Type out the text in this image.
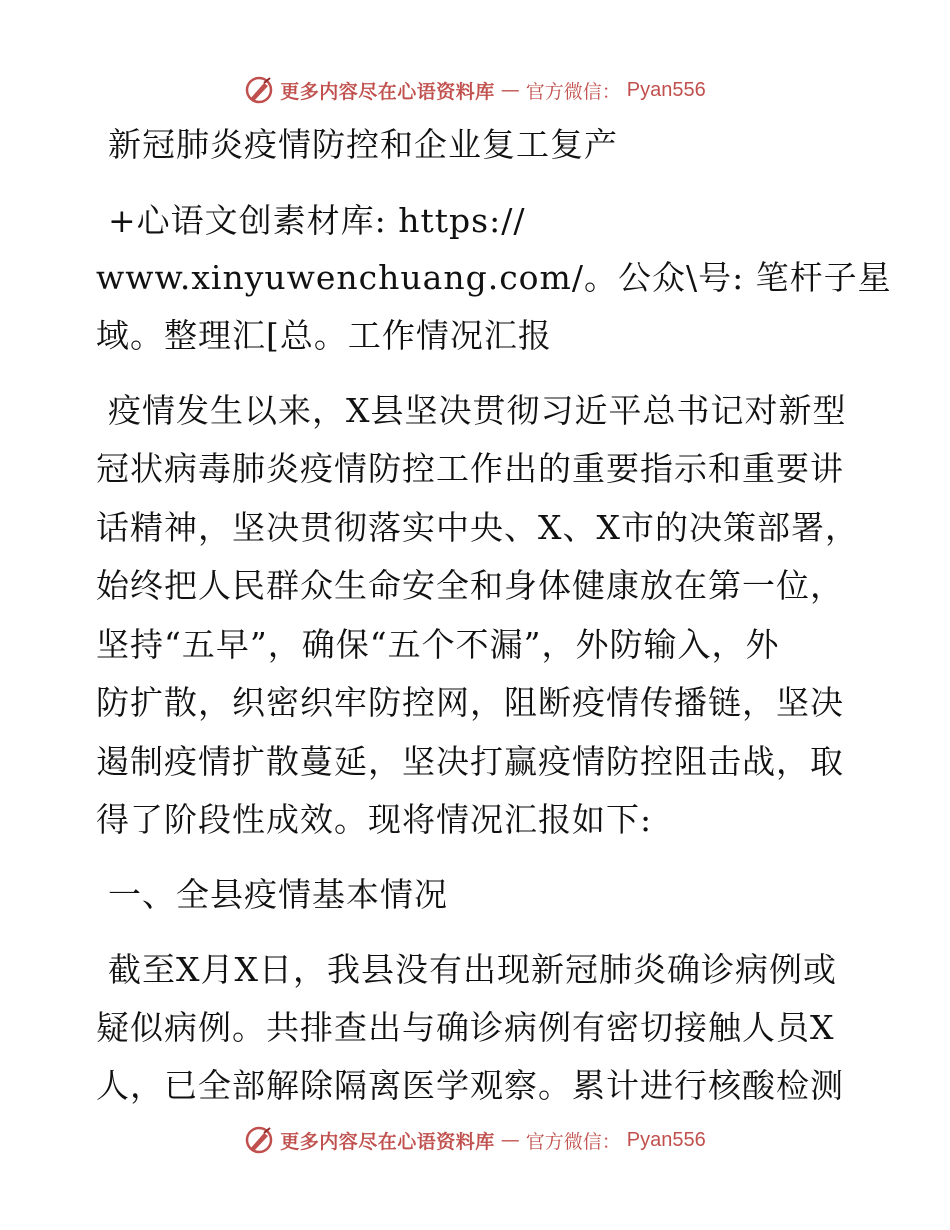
更多内容尽在心语资料库 — 官方微信： Pyan556
新冠肺炎疫情防控和企业复工复产
+心语文创素材库: https://
www.xinyuwenchuang.com/。公众\号: 笔杆子星
域。整理汇[总。工作情况汇报
疫情发生以来，X县坚决贯彻习近平总书记对新型
冠状病毒肺炎疫情防控工作出的重要指示和重要讲
话精神，坚决贯彻落实中央、X、X市的决策部署，
始终把人民群众生命安全和身体健康放在第一位，
坚持“五早”，确保“五个不漏”，外防输入，外
防扩散，织密织牢防控网，阻断疫情传播链，坚决
遏制疫情扩散蔓延，坚决打赢疫情防控阻击战，取
得了阶段性成效。现将情况汇报如下:
一、全县疫情基本情况
截至X月X日，我县没有出现新冠肺炎确诊病例或
疑似病例。共排查出与确诊病例有密切接触人员X
人，已全部解除隔离医学观察。累计进行核酸检测
更多内容尽在心语资料库 — 官方微信： Pyan556
